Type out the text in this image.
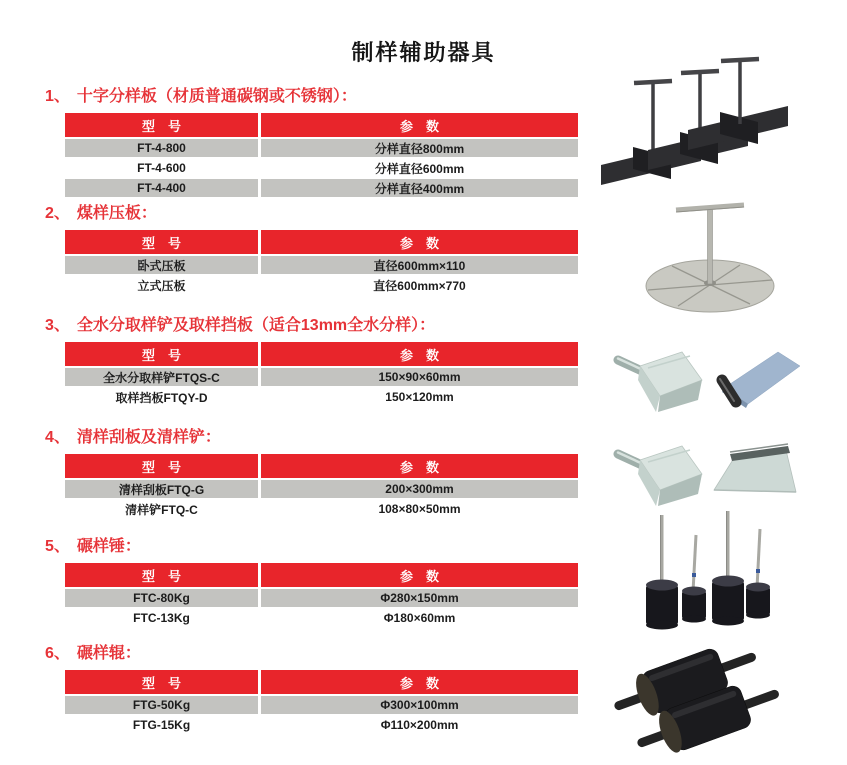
制样辅助器具
1、 十字分样板（材质普通碳钢或不锈钢）：
型　号	参　数
FT-4-800	分样直径800mm
FT-4-600	分样直径600mm
FT-4-400	分样直径400mm
2、 煤样压板：
型　号	参　数
卧式压板	直径600mm×110
立式压板	直径600mm×770
3、 全水分取样铲及取样挡板（适合13mm全水分样）：
型　号	参　数
全水分取样铲FTQS-C	150×90×60mm
取样挡板FTQY-D	150×120mm
4、 清样刮板及清样铲：
型　号	参　数
清样刮板FTQ-G	200×300mm
清样铲FTQ-C	108×80×50mm
5、 碾样锤：
型　号	参　数
FTC-80Kg	Φ280×150mm
FTC-13Kg	Φ180×60mm
6、 碾样辊：
型　号	参　数
FTG-50Kg	Φ300×100mm
FTG-15Kg	Φ110×200mm
